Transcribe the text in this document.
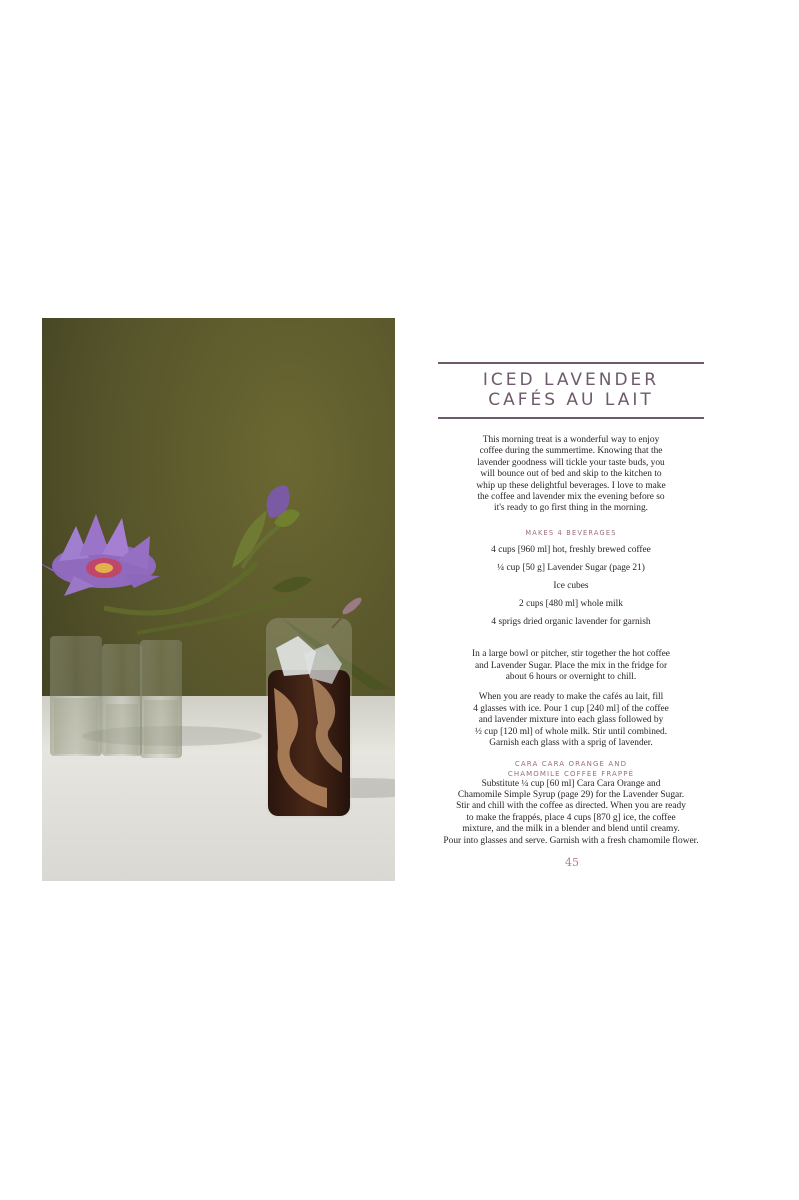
ICED LAVENDER
CAFÉS AU LAIT
This morning treat is a wonderful way to enjoy
coffee during the summertime. Knowing that the
lavender goodness will tickle your taste buds, you
will bounce out of bed and skip to the kitchen to
whip up these delightful beverages. I love to make
the coffee and lavender mix the evening before so
it's ready to go first thing in the morning.
MAKES 4 BEVERAGES

4 cups [960 ml] hot, freshly brewed coffee

¼ cup [50 g] Lavender Sugar (page 21)

Ice cubes

2 cups [480 ml] whole milk

4 sprigs dried organic lavender for garnish

In a large bowl or pitcher, stir together the hot coffee
and Lavender Sugar. Place the mix in the fridge for
about 6 hours or overnight to chill.
When you are ready to make the cafés au lait, fill
4 glasses with ice. Pour 1 cup [240 ml] of the coffee
and lavender mixture into each glass followed by
½ cup [120 ml] of whole milk. Stir until combined.
Garnish each glass with a sprig of lavender.
CARA CARA ORANGE AND
CHAMOMILE COFFEE FRAPPÉ
Substitute ¼ cup [60 ml] Cara Cara Orange and
Chamomile Simple Syrup (page 29) for the Lavender Sugar.
Stir and chill with the coffee as directed. When you are ready
to make the frappés, place 4 cups [870 g] ice, the coffee
mixture, and the milk in a blender and blend until creamy.
Pour into glasses and serve. Garnish with a fresh chamomile flower.
45
